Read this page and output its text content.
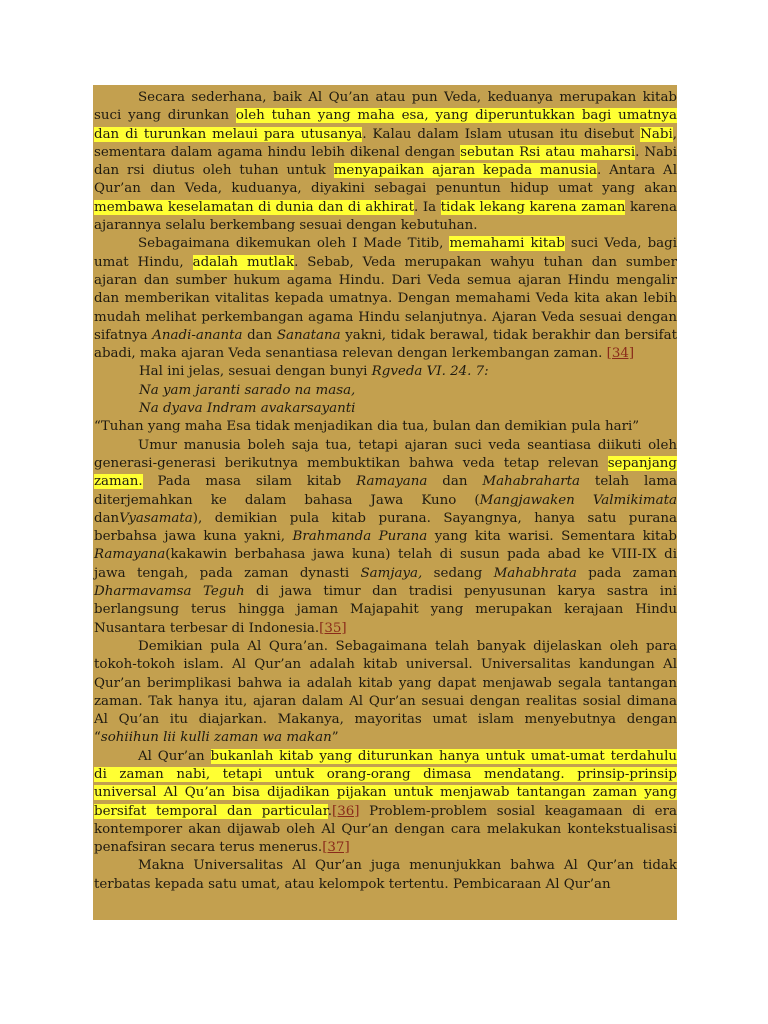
Secara sederhana, baik Al Qu’an atau pun Veda, keduanya merupakan kitab suci yang dirunkan oleh tuhan yang maha esa, yang diperuntukkan bagi umatnya dan di turunkan melaui para utusanya. Kalau dalam Islam utusan itu disebut Nabi, sementara dalam agama hindu lebih dikenal dengan sebutan Rsi atau maharsi. Nabi dan rsi diutus oleh tuhan untuk menyapaikan ajaran kepada manusia. Antara Al Qur’an dan Veda, kuduanya, diyakini sebagai penuntun hidup umat yang akan membawa keselamatan di dunia dan di akhirat. Ia tidak lekang karena zaman karena ajarannya selalu berkembang sesuai dengan kebutuhan.

Sebagaimana dikemukan oleh I Made Titib, memahami kitab suci Veda, bagi umat Hindu, adalah mutlak. Sebab, Veda merupakan wahyu tuhan dan sumber ajaran dan sumber hukum agama Hindu. Dari Veda semua ajaran Hindu mengalir dan memberikan vitalitas kepada umatnya. Dengan memahami Veda kita akan lebih mudah melihat perkembangan agama Hindu selanjutnya. Ajaran Veda sesuai dengan sifatnya Anadi-ananta dan Sanatana yakni, tidak berawal, tidak berakhir dan bersifat abadi, maka ajaran Veda senantiasa relevan dengan lerkembangan zaman. [34]

Hal ini jelas, sesuai dengan bunyi Rgveda VI. 24. 7:

Na yam jaranti sarado na masa,

Na dyava Indram avakarsayanti

“Tuhan yang maha Esa tidak menjadikan dia tua, bulan dan demikian pula hari”

Umur manusia boleh saja tua, tetapi ajaran suci veda seantiasa diikuti oleh generasi-generasi berikutnya membuktikan bahwa veda tetap relevan sepanjang zaman. Pada masa silam kitab Ramayana dan Mahabraharta telah lama diterjemahkan ke dalam bahasa Jawa Kuno (Mangjawaken Valmikimata danVyasamata), demikian pula kitab purana. Sayangnya, hanya satu purana berbahsa jawa kuna yakni, Brahmanda Purana yang kita warisi. Sementara kitab Ramayana(kakawin berbahasa jawa kuna) telah di susun pada abad ke VIII-IX di jawa tengah, pada zaman dynasti Samjaya, sedang Mahabhrata pada zaman Dharmavamsa Teguh di jawa timur dan tradisi penyusunan karya sastra ini berlangsung terus hingga jaman Majapahit yang merupakan kerajaan Hindu Nusantara terbesar di Indonesia.[35]

Demikian pula Al Qura’an. Sebagaimana telah banyak dijelaskan oleh para tokoh-tokoh islam. Al Qur’an adalah kitab universal. Universalitas kandungan Al Qur’an berimplikasi bahwa ia adalah kitab yang dapat menjawab segala tantangan zaman. Tak hanya itu, ajaran dalam Al Qur’an sesuai dengan realitas sosial dimana Al Qu’an itu diajarkan. Makanya, mayoritas umat islam menyebutnya dengan “sohiihun lii kulli zaman wa makan”

Al Qur’an bukanlah kitab yang diturunkan hanya untuk umat-umat terdahulu di zaman nabi, tetapi untuk orang-orang dimasa mendatang. prinsip-prinsip universal Al Qu’an bisa dijadikan pijakan untuk menjawab tantangan zaman yang bersifat temporal dan particular.[36] Problem-problem sosial keagamaan di era kontemporer akan dijawab oleh Al Qur’an dengan cara melakukan kontekstualisasi penafsiran secara terus menerus.[37]

Makna Universalitas Al Qur’an juga menunjukkan bahwa Al Qur’an tidak terbatas kepada satu umat, atau kelompok tertentu. Pembicaraan Al Qur’an
